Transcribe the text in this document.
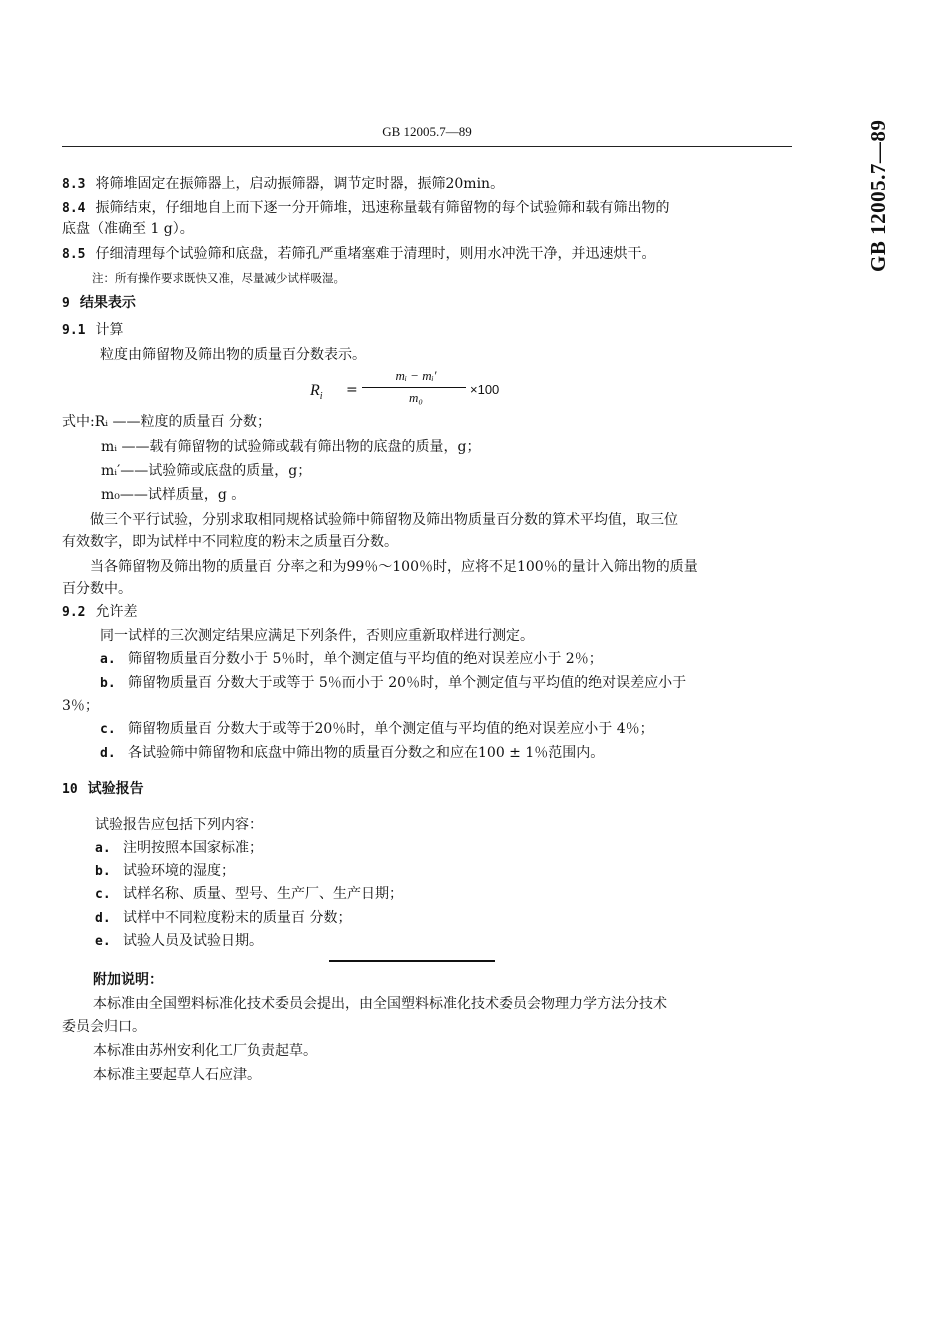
GB 12005.7—89	GB 12005.7—89
8.3 将筛堆固定在振筛器上，启动振筛器，调节定时器，振筛20min。
8.4 振筛结束，仔细地自上而下逐一分开筛堆，迅速称量载有筛留物的每个试验筛和载有筛出物的
底盘（准确至 1 g）。
8.5 仔细清理每个试验筛和底盘，若筛孔严重堵塞难于清理时，则用水冲洗干净，并迅速烘干。
注：所有操作要求既快又准，尽量减少试样吸湿。
9 结果表示
9.1 计算
粒度由筛留物及筛出物的质量百分数表示。
$R_i$ =
mᵢ − mᵢ′
m₀
×100
式中:Rᵢ ——粒度的质量百 分数；
mᵢ ——载有筛留物的试验筛或载有筛出物的底盘的质量，g；
mᵢ′——试验筛或底盘的质量，g；
m₀——试样质量，g 。
做三个平行试验，分别求取相同规格试验筛中筛留物及筛出物质量百分数的算术平均值，取三位
有效数字，即为试样中不同粒度的粉末之质量百分数。
当各筛留物及筛出物的质量百 分率之和为99％～100％时，应将不足100％的量计入筛出物的质量
百分数中。
9.2 允许差
同一试样的三次测定结果应满足下列条件，否则应重新取样进行测定。
a. 筛留物质量百分数小于 5％时，单个测定值与平均值的绝对误差应小于 2％；
b. 筛留物质量百 分数大于或等于 5％而小于 20％时，单个测定值与平均值的绝对误差应小于
3％；
c. 筛留物质量百 分数大于或等于20％时，单个测定值与平均值的绝对误差应小于 4％；
d. 各试验筛中筛留物和底盘中筛出物的质量百分数之和应在100 ± 1％范围内。
10 试验报告
试验报告应包括下列内容：
a. 注明按照本国家标准；
b. 试验环境的湿度；
c. 试样名称、质量、型号、生产厂、生产日期；
d. 试样中不同粒度粉末的质量百 分数；
e. 试验人员及试验日期。
附加说明：
本标准由全国塑料标准化技术委员会提出，由全国塑料标准化技术委员会物理力学方法分技术
委员会归口。
本标准由苏州安利化工厂负责起草。
本标准主要起草人石应津。
